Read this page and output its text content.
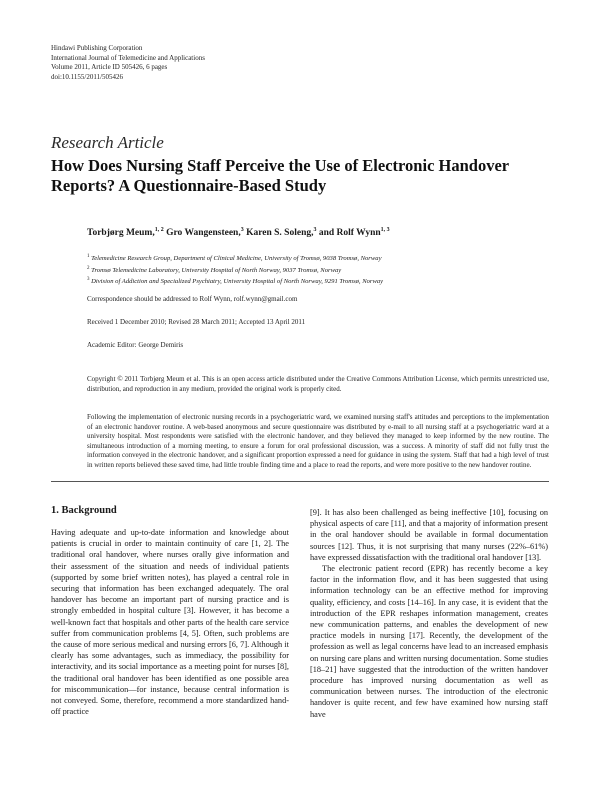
Hindawi Publishing Corporation
International Journal of Telemedicine and Applications
Volume 2011, Article ID 505426, 6 pages
doi:10.1155/2011/505426
Research Article
How Does Nursing Staff Perceive the Use of Electronic Handover Reports? A Questionnaire-Based Study
Torbjørg Meum,$^{1, 2}$ Gro Wangensteen,$^3$ Karen S. Soleng,$^3$ and Rolf Wynn$^{1, 3}$
$^1$ Telemedicine Research Group, Department of Clinical Medicine, University of Tromsø, 9038 Tromsø, Norway
$^2$ Tromsø Telemedicine Laboratory, University Hospital of North Norway, 9037 Tromsø, Norway
$^3$ Division of Addiction and Specialized Psychiatry, University Hospital of North Norway, 9291 Tromsø, Norway
Correspondence should be addressed to Rolf Wynn, rolf.wynn@gmail.com
Received 1 December 2010; Revised 28 March 2011; Accepted 13 April 2011
Academic Editor: George Demiris
Copyright © 2011 Torbjørg Meum et al. This is an open access article distributed under the Creative Commons Attribution License, which permits unrestricted use, distribution, and reproduction in any medium, provided the original work is properly cited.
Following the implementation of electronic nursing records in a psychogeriatric ward, we examined nursing staff's attitudes and perceptions to the implementation of an electronic handover routine. A web-based anonymous and secure questionnaire was distributed by e-mail to all nursing staff at a psychogeriatric ward at a university hospital. Most respondents were satisfied with the electronic handover, and they believed they managed to keep informed by the new routine. The simultaneous introduction of a morning meeting, to ensure a forum for oral professional discussion, was a success. A minority of staff did not fully trust the information conveyed in the electronic handover, and a significant proportion expressed a need for guidance in using the system. Staff that had a high level of trust in written reports believed these saved time, had little trouble finding time and a place to read the reports, and were more positive to the new handover routine.
1. Background

Having adequate and up-to-date information and knowledge about patients is crucial in order to maintain continuity of care [1, 2]. The traditional oral handover, where nurses orally give information and their assessment of the situation and needs of individual patients (supported by some brief written notes), has played a central role in securing that information has been exchanged adequately. The oral handover has become an important part of nursing practice and is strongly embedded in hospital culture [3]. However, it has become a well-known fact that hospitals and other parts of the health care service suffer from communication problems [4, 5]. Often, such problems are the cause of more serious medical and nursing errors [6, 7]. Although it clearly has some advantages, such as immediacy, the possibility for interactivity, and its social importance as a meeting point for nurses [8], the traditional oral handover has been identified as one possible area for miscommunication—for instance, because central information is not conveyed. Some, therefore, recommend a more standardized hand-off practice

[9]. It has also been challenged as being ineffective [10], focusing on physical aspects of care [11], and that a majority of information present in the oral handover should be available in formal documentation sources [12]. Thus, it is not surprising that many nurses (22%–61%) have expressed dissatisfaction with the traditional oral handover [13].

The electronic patient record (EPR) has recently become a key factor in the information flow, and it has been suggested that using information technology can be an effective method for improving quality, efficiency, and costs [14–16]. In any case, it is evident that the introduction of the EPR reshapes information management, creates new communication patterns, and enables the development of new practice models in nursing [17]. Recently, the development of the profession as well as legal concerns have lead to an increased emphasis on nursing care plans and written nursing documentation. Some studies [18–21] have suggested that the introduction of the written handover procedure has improved nursing documentation as well as communication between nurses. The introduction of the electronic handover is quite recent, and few have examined how nursing staff have
